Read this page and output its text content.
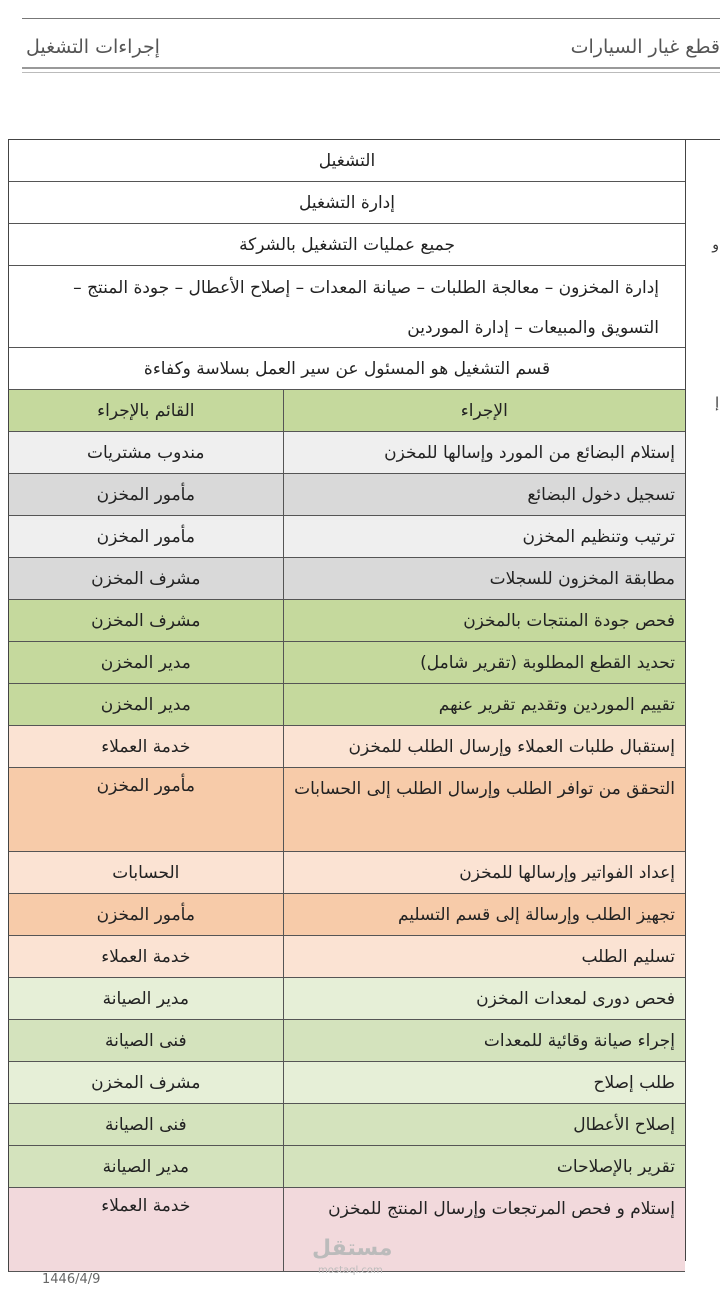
إجراءات التشغيل	قطع غيار السيارات
و
إ
التشغيل
إدارة التشغيل
جميع عمليات التشغيل بالشركة
إدارة المخزون – معالجة الطلبات – صيانة المعدات – إصلاح الأعطال – جودة المنتج – التسويق والمبيعات – إدارة الموردين
قسم التشغيل هو المسئول عن سير العمل بسلاسة وكفاءة
الإجراء
القائم بالإجراء
إستلام البضائع من المورد وإسالها للمخزن
مندوب مشتريات
تسجيل دخول البضائع
مأمور المخزن
ترتيب وتنظيم المخزن
مأمور المخزن
مطابقة المخزون للسجلات
مشرف المخزن
فحص جودة المنتجات بالمخزن
مشرف المخزن
تحديد القطع المطلوبة (تقرير شامل)
مدير المخزن
تقييم الموردين وتقديم تقرير عنهم
مدير المخزن
إستقبال طلبات العملاء وإرسال الطلب للمخزن
خدمة العملاء
التحقق من توافر الطلب وإرسال الطلب إلى الحسابات
مأمور المخزن
إعداد الفواتير وإرسالها للمخزن
الحسابات
تجهيز الطلب وإرسالة إلى قسم التسليم
مأمور المخزن
تسليم الطلب
خدمة العملاء
فحص دورى لمعدات المخزن
مدير الصيانة
إجراء صيانة وقائية للمعدات
فنى الصيانة
طلب إصلاح
مشرف المخزن
إصلاح الأعطال
فنى الصيانة
تقرير بالإصلاحات
مدير الصيانة
إستلام و فحص المرتجعات وإرسال المنتج للمخزن
خدمة العملاء
1446/4/9
مستقل
mostaql.com
